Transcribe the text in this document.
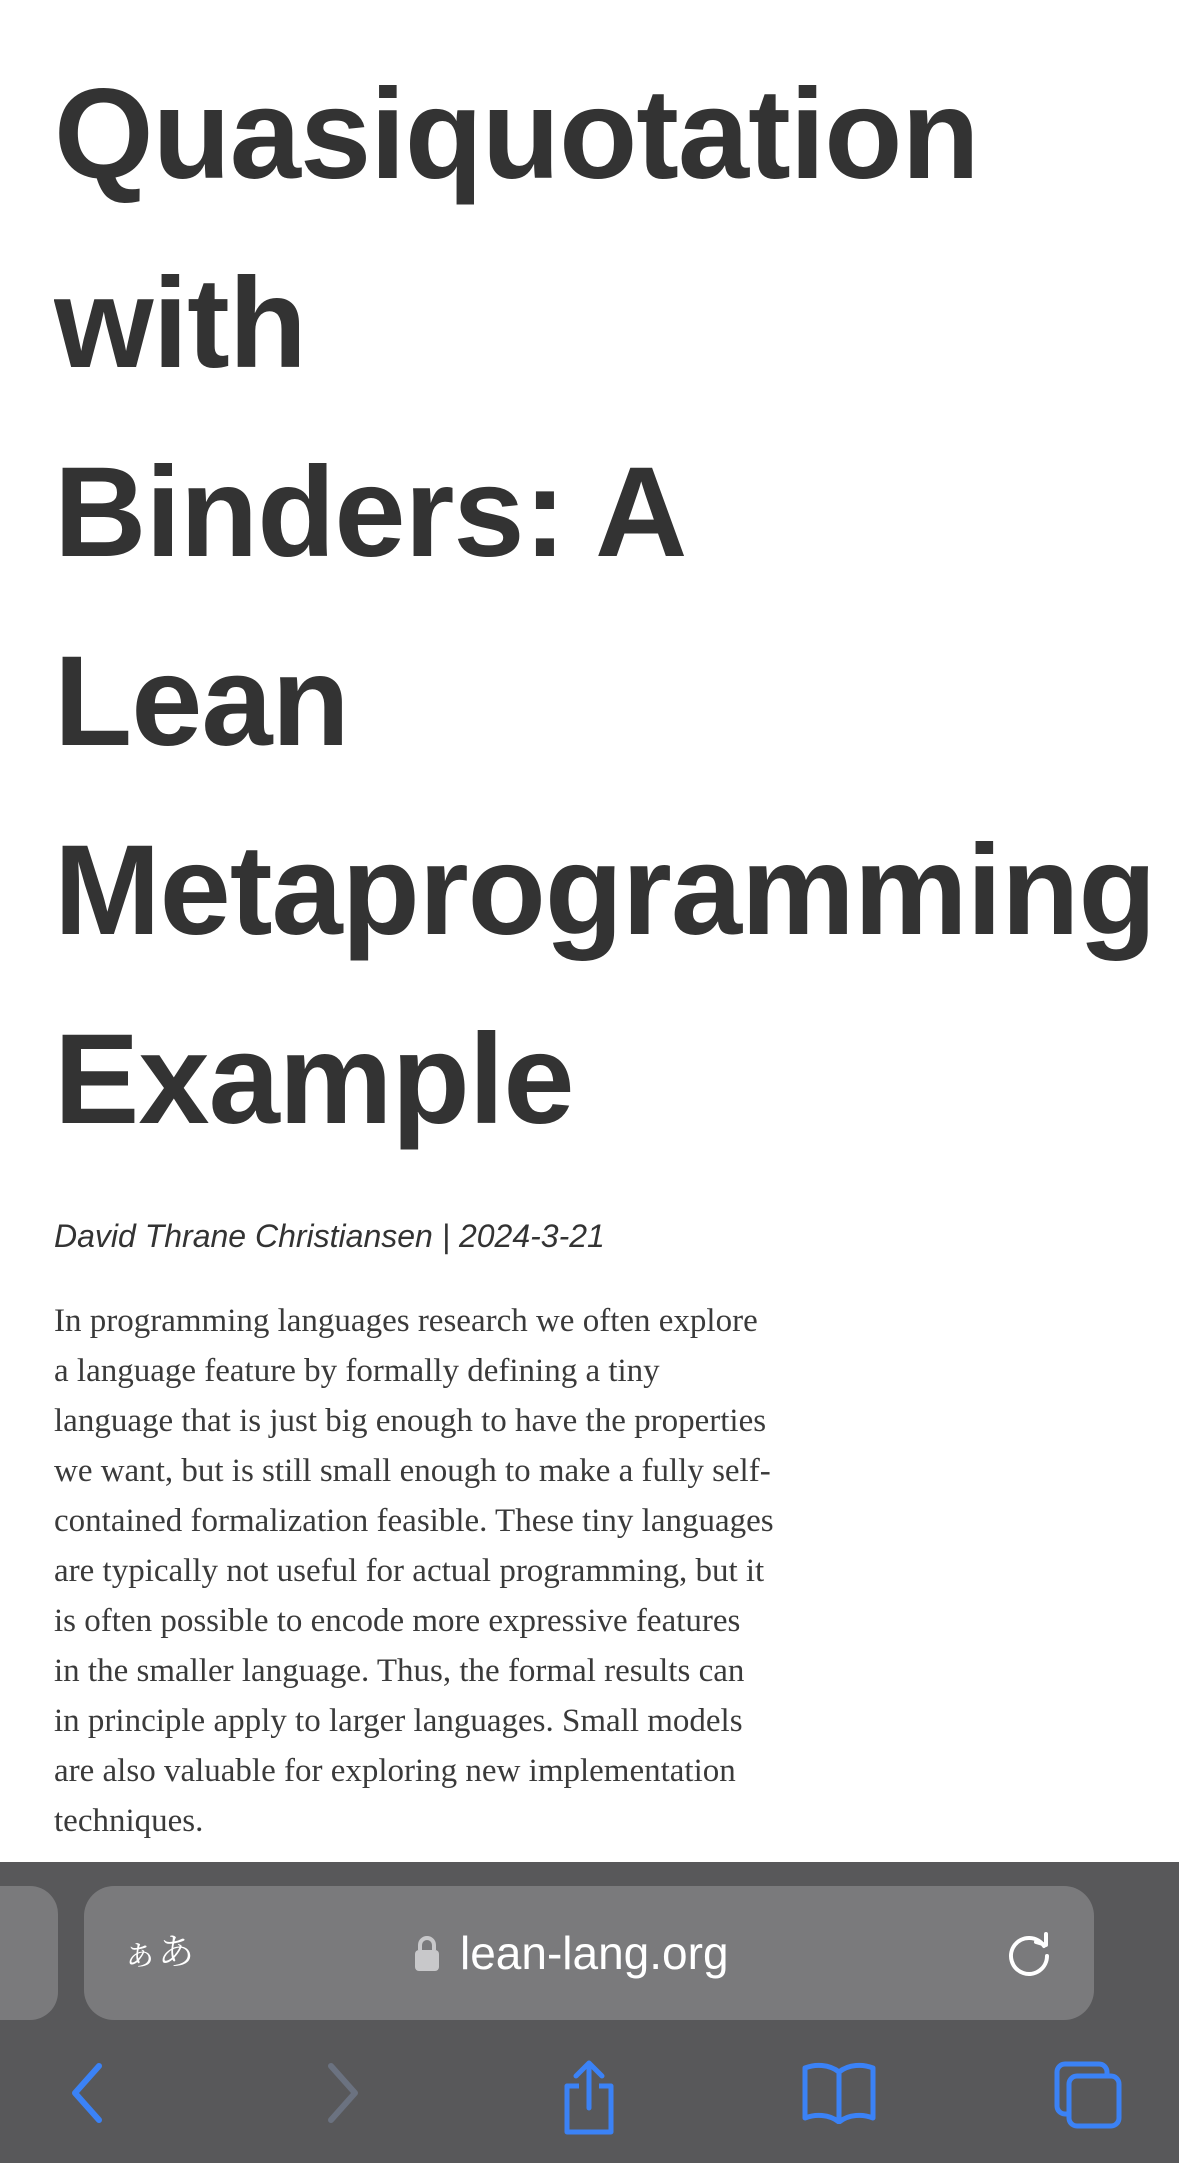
Quasiquotation
with
Binders: A
Lean
Metaprogramming
Example

David Thrane Christiansen | 2024-3-21

In programming languages research we often explore a language feature by formally defining a tiny language that is just big enough to have the properties we want, but is still small enough to make a fully self-contained formalization feasible. These tiny languages are typically not useful for actual programming, but it is often possible to encode more expressive features in the smaller language. Thus, the formal results can in principle apply to larger languages. Small models are also valuable for exploring new implementation techniques.

ぁあ	lean-lang.org
